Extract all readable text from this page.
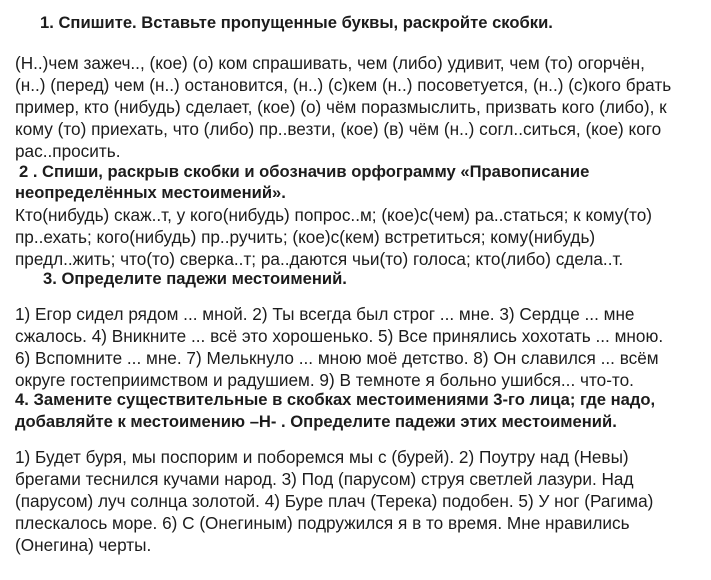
1. Спишите. Вставьте пропущенные буквы, раскройте скобки.
(Н..)чем зажеч.., (кое) (о) ком спрашивать, чем (либо) удивит, чем (то) огорчён,
(н..) (перед) чем (н..) остановится, (н..) (с)кем (н..) посоветуется, (н..) (с)кого брать
пример, кто (нибудь) сделает, (кое) (о) чём поразмыслить, призвать кого (либо), к
кому (то) приехать, что (либо) пр..везти, (кое) (в) чём (н..) согл..ситься, (кое) кого
рас..просить.
2 . Спиши, раскрыв скобки и обозначив орфограмму «Правописание
неопределённых местоимений».
Кто(нибудь) скаж..т, у кого(нибудь) попрос..м; (кое)с(чем) ра..статься; к кому(то)
пр..ехать; кого(нибудь) пр..ручить; (кое)с(кем) встретиться; кому(нибудь)
предл..жить; что(то) сверка..т; ра..даются чьи(то) голоса; кто(либо) сдела..т.
3. Определите падежи местоимений.
1) Егор сидел рядом ... мной. 2) Ты всегда был строг ... мне. 3) Сердце ... мне
сжалось. 4) Вникните ... всё это хорошенько. 5) Все принялись хохотать ... мною.
6) Вспомните ... мне. 7) Мелькнуло ... мною моё детство. 8) Он славился ... всём
округе гостеприимством и радушием. 9) В темноте я больно ушибся... что-то.
4. Замените существительные в скобках местоимениями 3-го лица; где надо,
добавляйте к местоимению –Н- . Определите падежи этих местоимений.
1) Будет буря, мы поспорим и поборемся мы с (бурей). 2) Поутру над (Невы)
брегами теснился кучами народ. 3) Под (парусом) струя светлей лазури. Над
(парусом) луч солнца золотой. 4) Буре плач (Терека) подобен. 5) У ног (Рагима)
плескалось море. 6) С (Онегиным) подружился я в то время. Мне нравились
(Онегина) черты.
